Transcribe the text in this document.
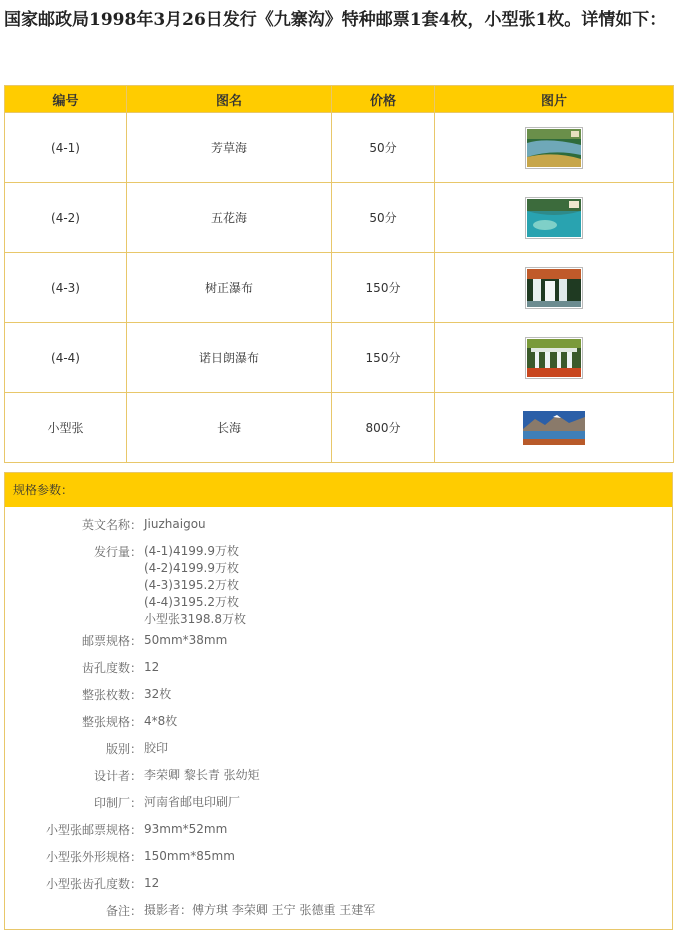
国家邮政局1998年3月26日发行《九寨沟》特种邮票1套4枚，小型张1枚。详情如下：
编号	图名	价格	图片
(4-1)	芳草海	50分	

(4-2)	五花海	50分	

(4-3)	树正瀑布	150分	

(4-4)	诺日朗瀑布	150分	

小型张	长海	800分	
规格参数：
英文名称： Jiuzhaigou
发行量： (4-1)4199.9万枚
(4-2)4199.9万枚
(4-3)3195.2万枚
(4-4)3195.2万枚
小型张3198.8万枚
邮票规格： 50mm*38mm
齿孔度数： 12
整张枚数： 32枚
整张规格： 4*8枚
版别： 胶印
设计者： 李荣卿 黎长青 张幼矩
印制厂： 河南省邮电印刷厂
小型张邮票规格： 93mm*52mm
小型张外形规格： 150mm*85mm
小型张齿孔度数： 12
备注： 摄影者：傅方琪 李荣卿 王宁 张德重 王建军
